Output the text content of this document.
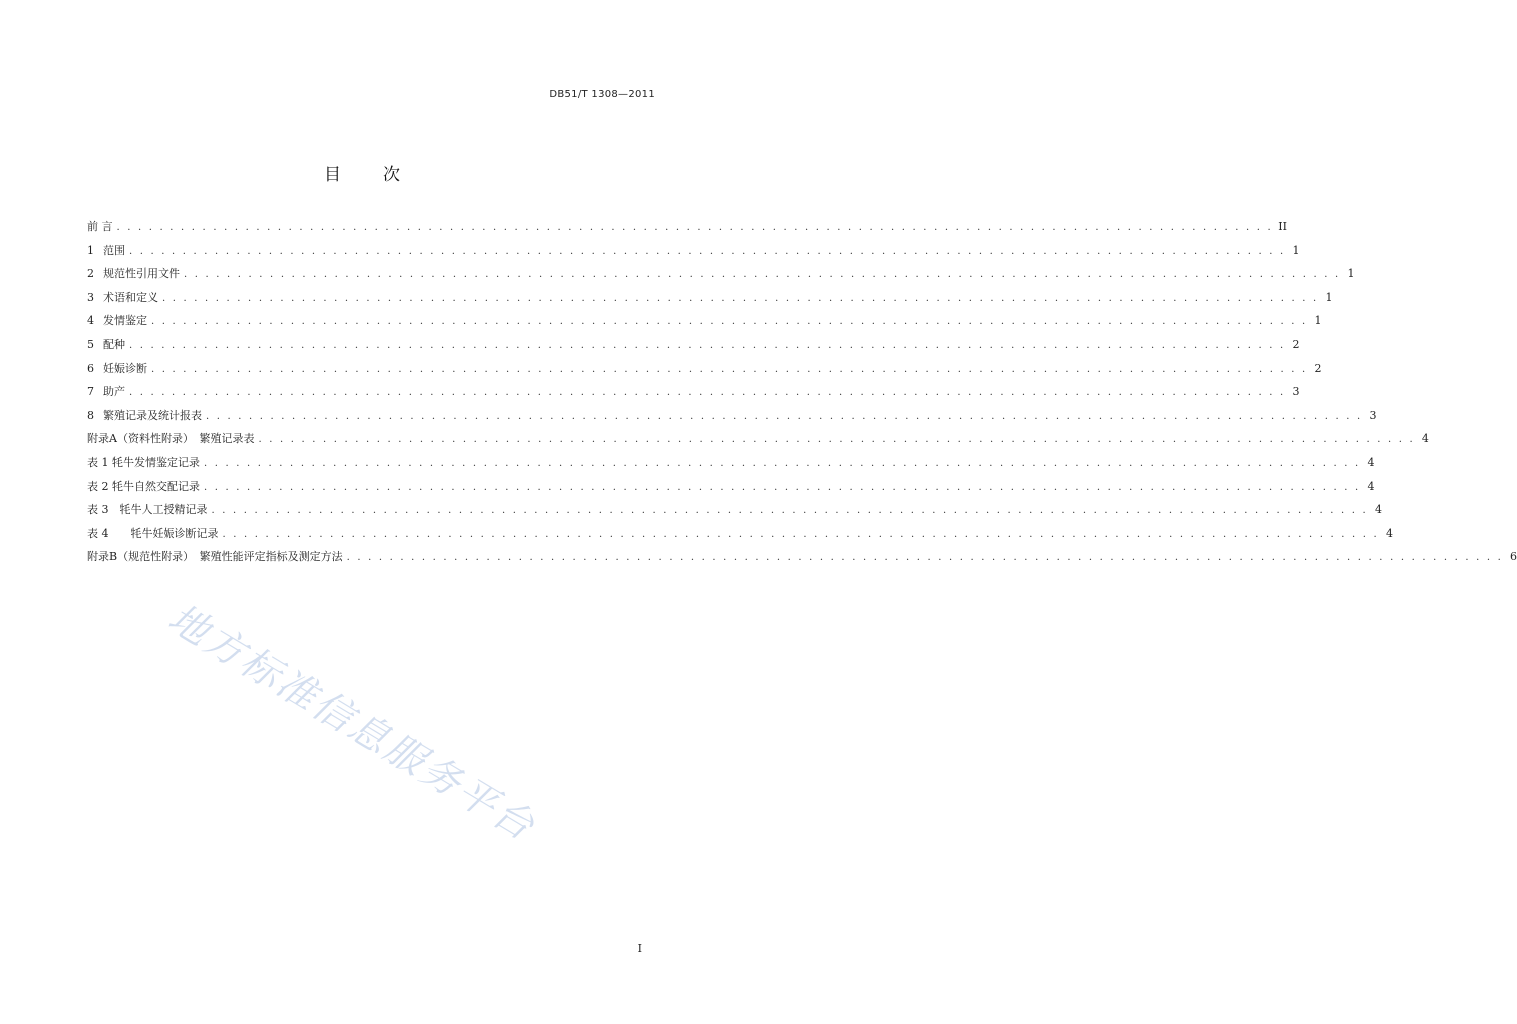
DB51/T 1308—2011
目 次
前 言 . . . . . . . . . . . . . . . . . . . . . . . . . . . . . . . . . . . . . . . . . . . . . . . . . . . . . . . . . . . . . . . . . . . . . . . . . . . . . . . . . . . . . . . . . . . . . . . . . . . . . . . . . . . . II
1 范围 . . . . . . . . . . . . . . . . . . . . . . . . . . . . . . . . . . . . . . . . . . . . . . . . . . . . . . . . . . . . . . . . . . . . . . . . . . . . . . . . . . . . . . . . . . . . . . . . . . . . . . . . . . . . 1
2 规范性引用文件 . . . . . . . . . . . . . . . . . . . . . . . . . . . . . . . . . . . . . . . . . . . . . . . . . . . . . . . . . . . . . . . . . . . . . . . . . . . . . . . . . . . . . . . . . . . . . . . . . . . . . . . . . . . . 1
3 术语和定义 . . . . . . . . . . . . . . . . . . . . . . . . . . . . . . . . . . . . . . . . . . . . . . . . . . . . . . . . . . . . . . . . . . . . . . . . . . . . . . . . . . . . . . . . . . . . . . . . . . . . . . . . . . . . 1
4 发情鉴定 . . . . . . . . . . . . . . . . . . . . . . . . . . . . . . . . . . . . . . . . . . . . . . . . . . . . . . . . . . . . . . . . . . . . . . . . . . . . . . . . . . . . . . . . . . . . . . . . . . . . . . . . . . . . 1
5 配种 . . . . . . . . . . . . . . . . . . . . . . . . . . . . . . . . . . . . . . . . . . . . . . . . . . . . . . . . . . . . . . . . . . . . . . . . . . . . . . . . . . . . . . . . . . . . . . . . . . . . . . . . . . . . 2
6 妊娠诊断 . . . . . . . . . . . . . . . . . . . . . . . . . . . . . . . . . . . . . . . . . . . . . . . . . . . . . . . . . . . . . . . . . . . . . . . . . . . . . . . . . . . . . . . . . . . . . . . . . . . . . . . . . . . . 2
7 助产 . . . . . . . . . . . . . . . . . . . . . . . . . . . . . . . . . . . . . . . . . . . . . . . . . . . . . . . . . . . . . . . . . . . . . . . . . . . . . . . . . . . . . . . . . . . . . . . . . . . . . . . . . . . . 3
8 繁殖记录及统计报表 . . . . . . . . . . . . . . . . . . . . . . . . . . . . . . . . . . . . . . . . . . . . . . . . . . . . . . . . . . . . . . . . . . . . . . . . . . . . . . . . . . . . . . . . . . . . . . . . . . . . . . . . . . . . 3
附录A（资料性附录）　繁殖记录表 . . . . . . . . . . . . . . . . . . . . . . . . . . . . . . . . . . . . . . . . . . . . . . . . . . . . . . . . . . . . . . . . . . . . . . . . . . . . . . . . . . . . . . . . . . . . . . . . . . . . . . . . . . . . 4
表 1 牦牛发情鉴定记录 . . . . . . . . . . . . . . . . . . . . . . . . . . . . . . . . . . . . . . . . . . . . . . . . . . . . . . . . . . . . . . . . . . . . . . . . . . . . . . . . . . . . . . . . . . . . . . . . . . . . . . . . . . . . 4
表 2 牦牛自然交配记录 . . . . . . . . . . . . . . . . . . . . . . . . . . . . . . . . . . . . . . . . . . . . . . . . . . . . . . . . . . . . . . . . . . . . . . . . . . . . . . . . . . . . . . . . . . . . . . . . . . . . . . . . . . . . 4
表 3　牦牛人工授精记录 . . . . . . . . . . . . . . . . . . . . . . . . . . . . . . . . . . . . . . . . . . . . . . . . . . . . . . . . . . . . . . . . . . . . . . . . . . . . . . . . . . . . . . . . . . . . . . . . . . . . . . . . . . . . 4
表 4　　牦牛妊娠诊断记录 . . . . . . . . . . . . . . . . . . . . . . . . . . . . . . . . . . . . . . . . . . . . . . . . . . . . . . . . . . . . . . . . . . . . . . . . . . . . . . . . . . . . . . . . . . . . . . . . . . . . . . . . . . . . 4
附录B（规范性附录）　繁殖性能评定指标及测定方法 . . . . . . . . . . . . . . . . . . . . . . . . . . . . . . . . . . . . . . . . . . . . . . . . . . . . . . . . . . . . . . . . . . . . . . . . . . . . . . . . . . . . . . . . . . . . . . . . . . . . . . . . . . . . 6
地方标准信息服务平台
I
